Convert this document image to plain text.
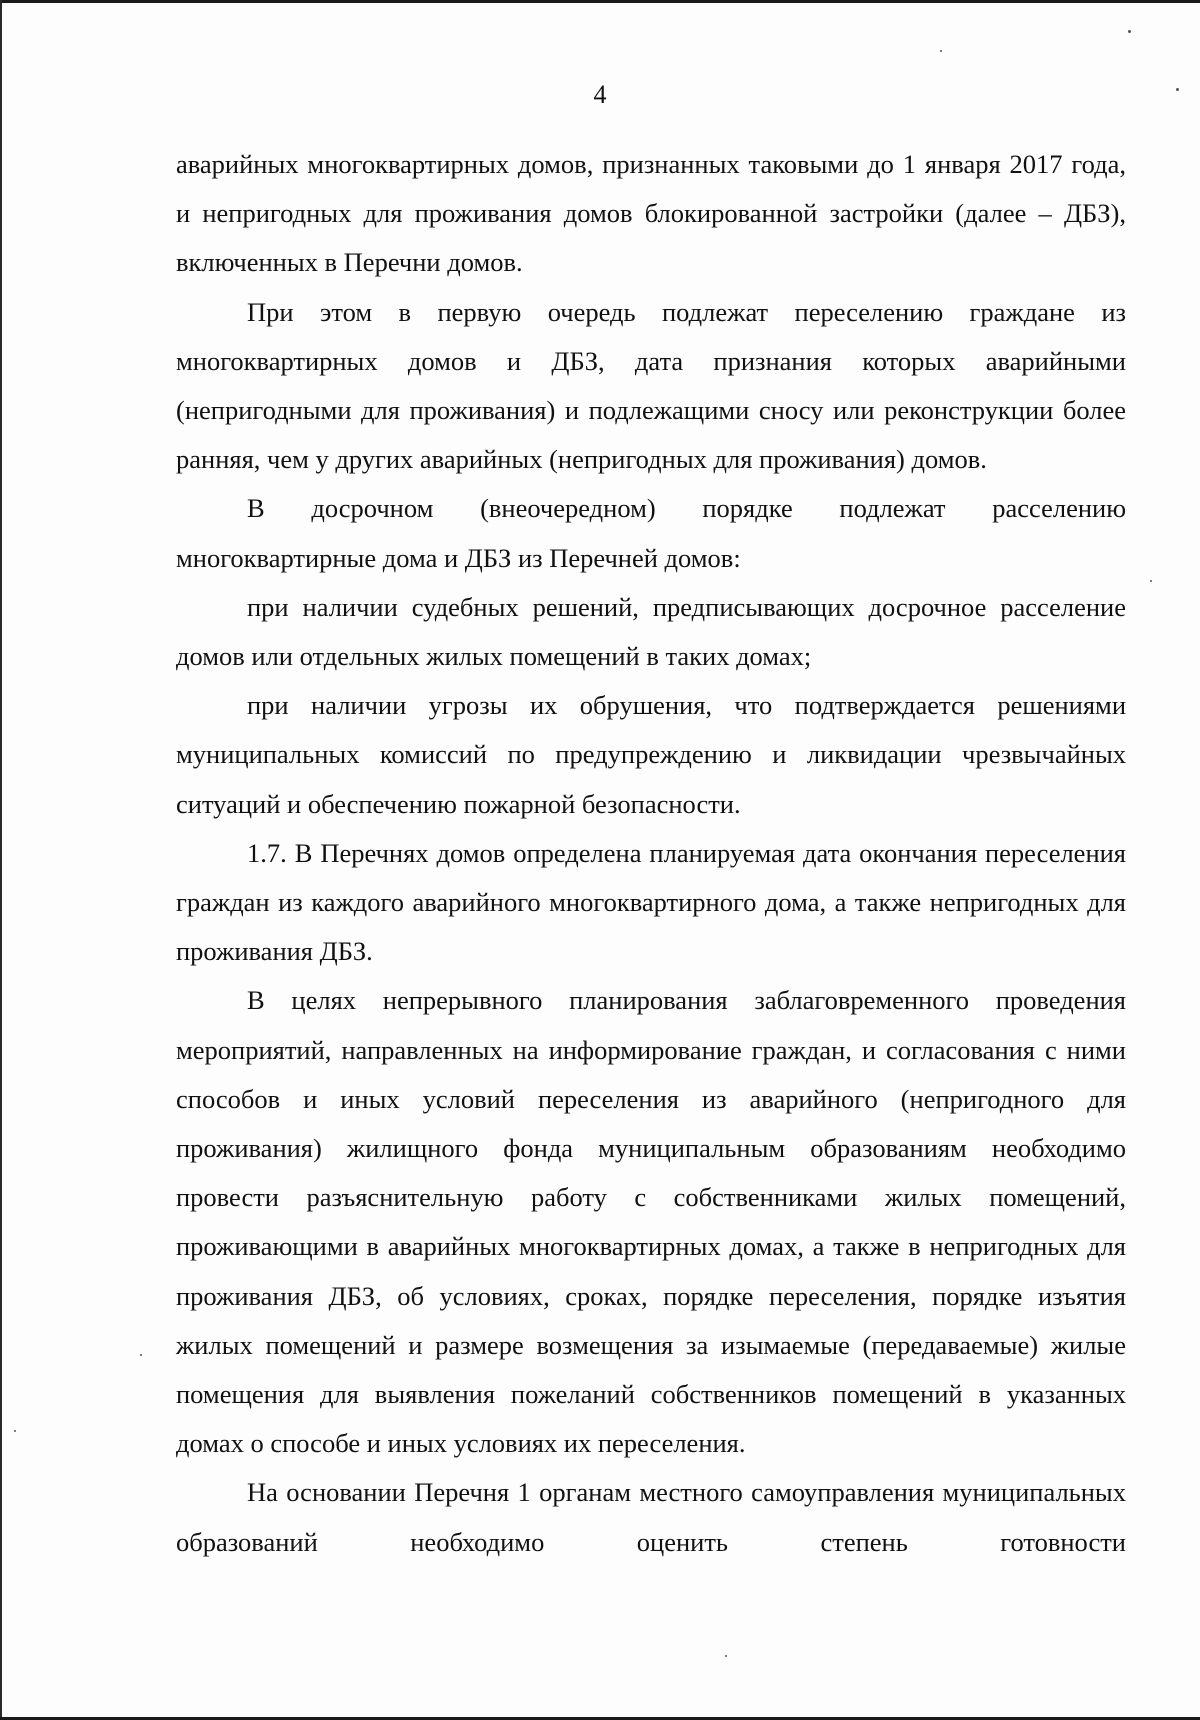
4

аварийных многоквартирных домов, признанных таковыми до 1 января 2017 года, и непригодных для проживания домов блокированной застройки (далее – ДБЗ), включенных в Перечни домов.

При этом в первую очередь подлежат переселению граждане из многоквартирных домов и ДБЗ, дата признания которых аварийными (непригодными для проживания) и подлежащими сносу или реконструкции более ранняя, чем у других аварийных (непригодных для проживания) домов.

В досрочном (внеочередном) порядке подлежат расселению многоквартирные дома и ДБЗ из Перечней домов:

при наличии судебных решений, предписывающих досрочное расселение домов или отдельных жилых помещений в таких домах;

при наличии угрозы их обрушения, что подтверждается решениями муниципальных комиссий по предупреждению и ликвидации чрезвычайных ситуаций и обеспечению пожарной безопасности.

1.7. В Перечнях домов определена планируемая дата окончания переселения граждан из каждого аварийного многоквартирного дома, а также непригодных для проживания ДБЗ.

В целях непрерывного планирования заблаговременного проведения мероприятий, направленных на информирование граждан, и согласования с ними способов и иных условий переселения из аварийного (непригодного для проживания) жилищного фонда муниципальным образованиям необходимо провести разъяснительную работу с собственниками жилых помещений, проживающими в аварийных многоквартирных домах, а также в непригодных для проживания ДБЗ, об условиях, сроках, порядке переселения, порядке изъятия жилых помещений и размере возмещения за изымаемые (передаваемые) жилые помещения для выявления пожеланий собственников помещений в указанных домах о способе и иных условиях их переселения.

На основании Перечня 1 органам местного самоуправления муниципальных образований необходимо оценить степень готовности
